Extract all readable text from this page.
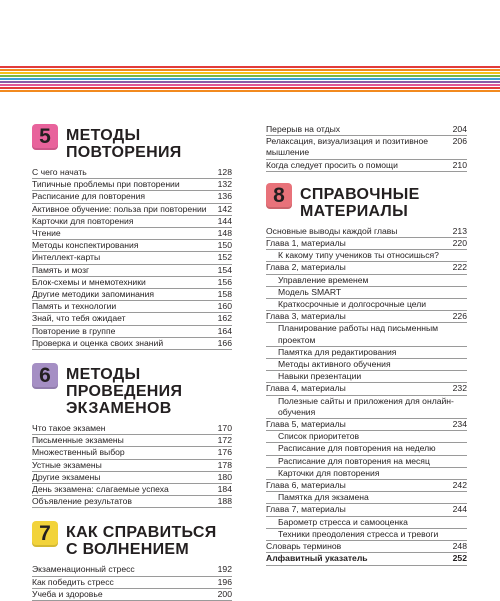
5 МЕТОДЫ ПОВТОРЕНИЯ
С чего начать	128
Типичные проблемы при повторении	132
Расписание для повторения	136
Активное обучение: польза при повторении	142
Карточки для повторения	144
Чтение	148
Методы конспектирования	150
Интеллект-карты	152
Память и мозг	154
Блок-схемы и мнемотехники	156
Другие методики запоминания	158
Память и технологии	160
Знай, что тебя ожидает	162
Повторение в группе	164
Проверка и оценка своих знаний	166
6 МЕТОДЫ ПРОВЕДЕНИЯ ЭКЗАМЕНОВ
Что такое экзамен	170
Письменные экзамены	172
Множественный выбор	176
Устные экзамены	178
Другие экзамены	180
День экзамена: слагаемые успеха	184
Объявление результатов	188
7 КАК СПРАВИТЬСЯ С ВОЛНЕНИЕМ
Экзаменационный стресс	192
Как победить стресс	196
Учеба и здоровье	200
Перерыв на отдых	204
Релаксация, визуализация и позитивное мышление
206
Когда следует просить о помощи	210
8 СПРАВОЧНЫЕ МАТЕРИАЛЫ
Основные выводы каждой главы	213
Глава 1, материалы	220
К какому типу учеников ты относишься?
Глава 2, материалы	222
Управление временем
Модель SMART
Краткосрочные и долгосрочные цели
Глава 3, материалы	226
Планирование работы над письменным проектом
Памятка для редактирования
Методы активного обучения
Навыки презентации
Глава 4, материалы	232
Полезные сайты и приложения для онлайн-обучения
Глава 5, материалы	234
Список приоритетов
Расписание для повторения на неделю
Расписание для повторения на месяц
Карточки для повторения
Глава 6, материалы	242
Памятка для экзамена
Глава 7, материалы	244
Барометр стресса и самооценка
Техники преодоления стресса и тревоги
Словарь терминов	248
Алфавитный указатель	252
